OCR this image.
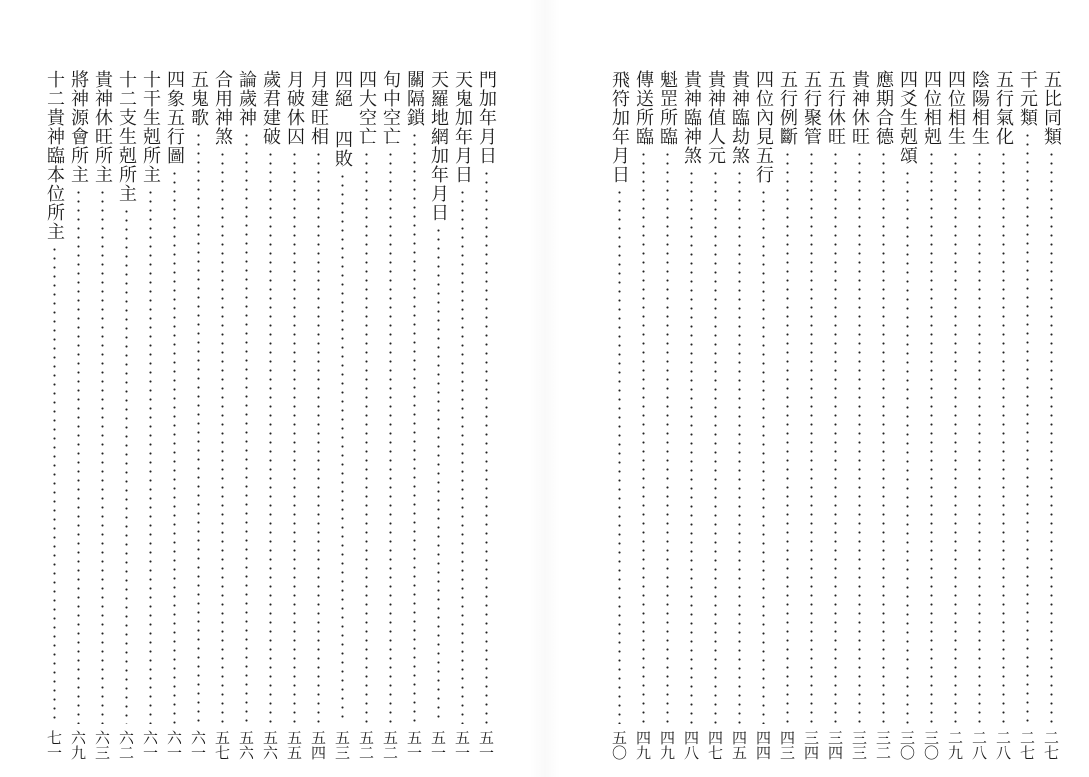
門加年月日
五一
天鬼加年月日
五一
天羅地網加年月日
五一
關隔鎖
五一
旬中空亡
五二
四大空亡
五二
四絕 四敗
五三
月建旺相
五四
月破休囚
五五
歲君建破
五六
論歲神
五六
合用神煞
五七
五鬼歌
六一
四象五行圖
六一
十干生剋所主
六一
十二支生剋所主
六二
貴神休旺所主
六三
將神源會所主
六九
十二貴神臨本位所主
七一
五比同類
二七
干元類
二七
五行氣化
二八
陰陽相生
二八
四位相生
二九
四位相剋
三〇
四爻生剋頌
三〇
應期合德
三二
貴神休旺
三三
五行休旺
三四
五行聚管
三四
五行例斷
四三
四位內見五行
四四
貴神臨劫煞
四五
貴神值人元
四七
貴神臨神煞
四八
魁罡所臨
四九
傳送所臨
四九
飛符加年月日
五〇
